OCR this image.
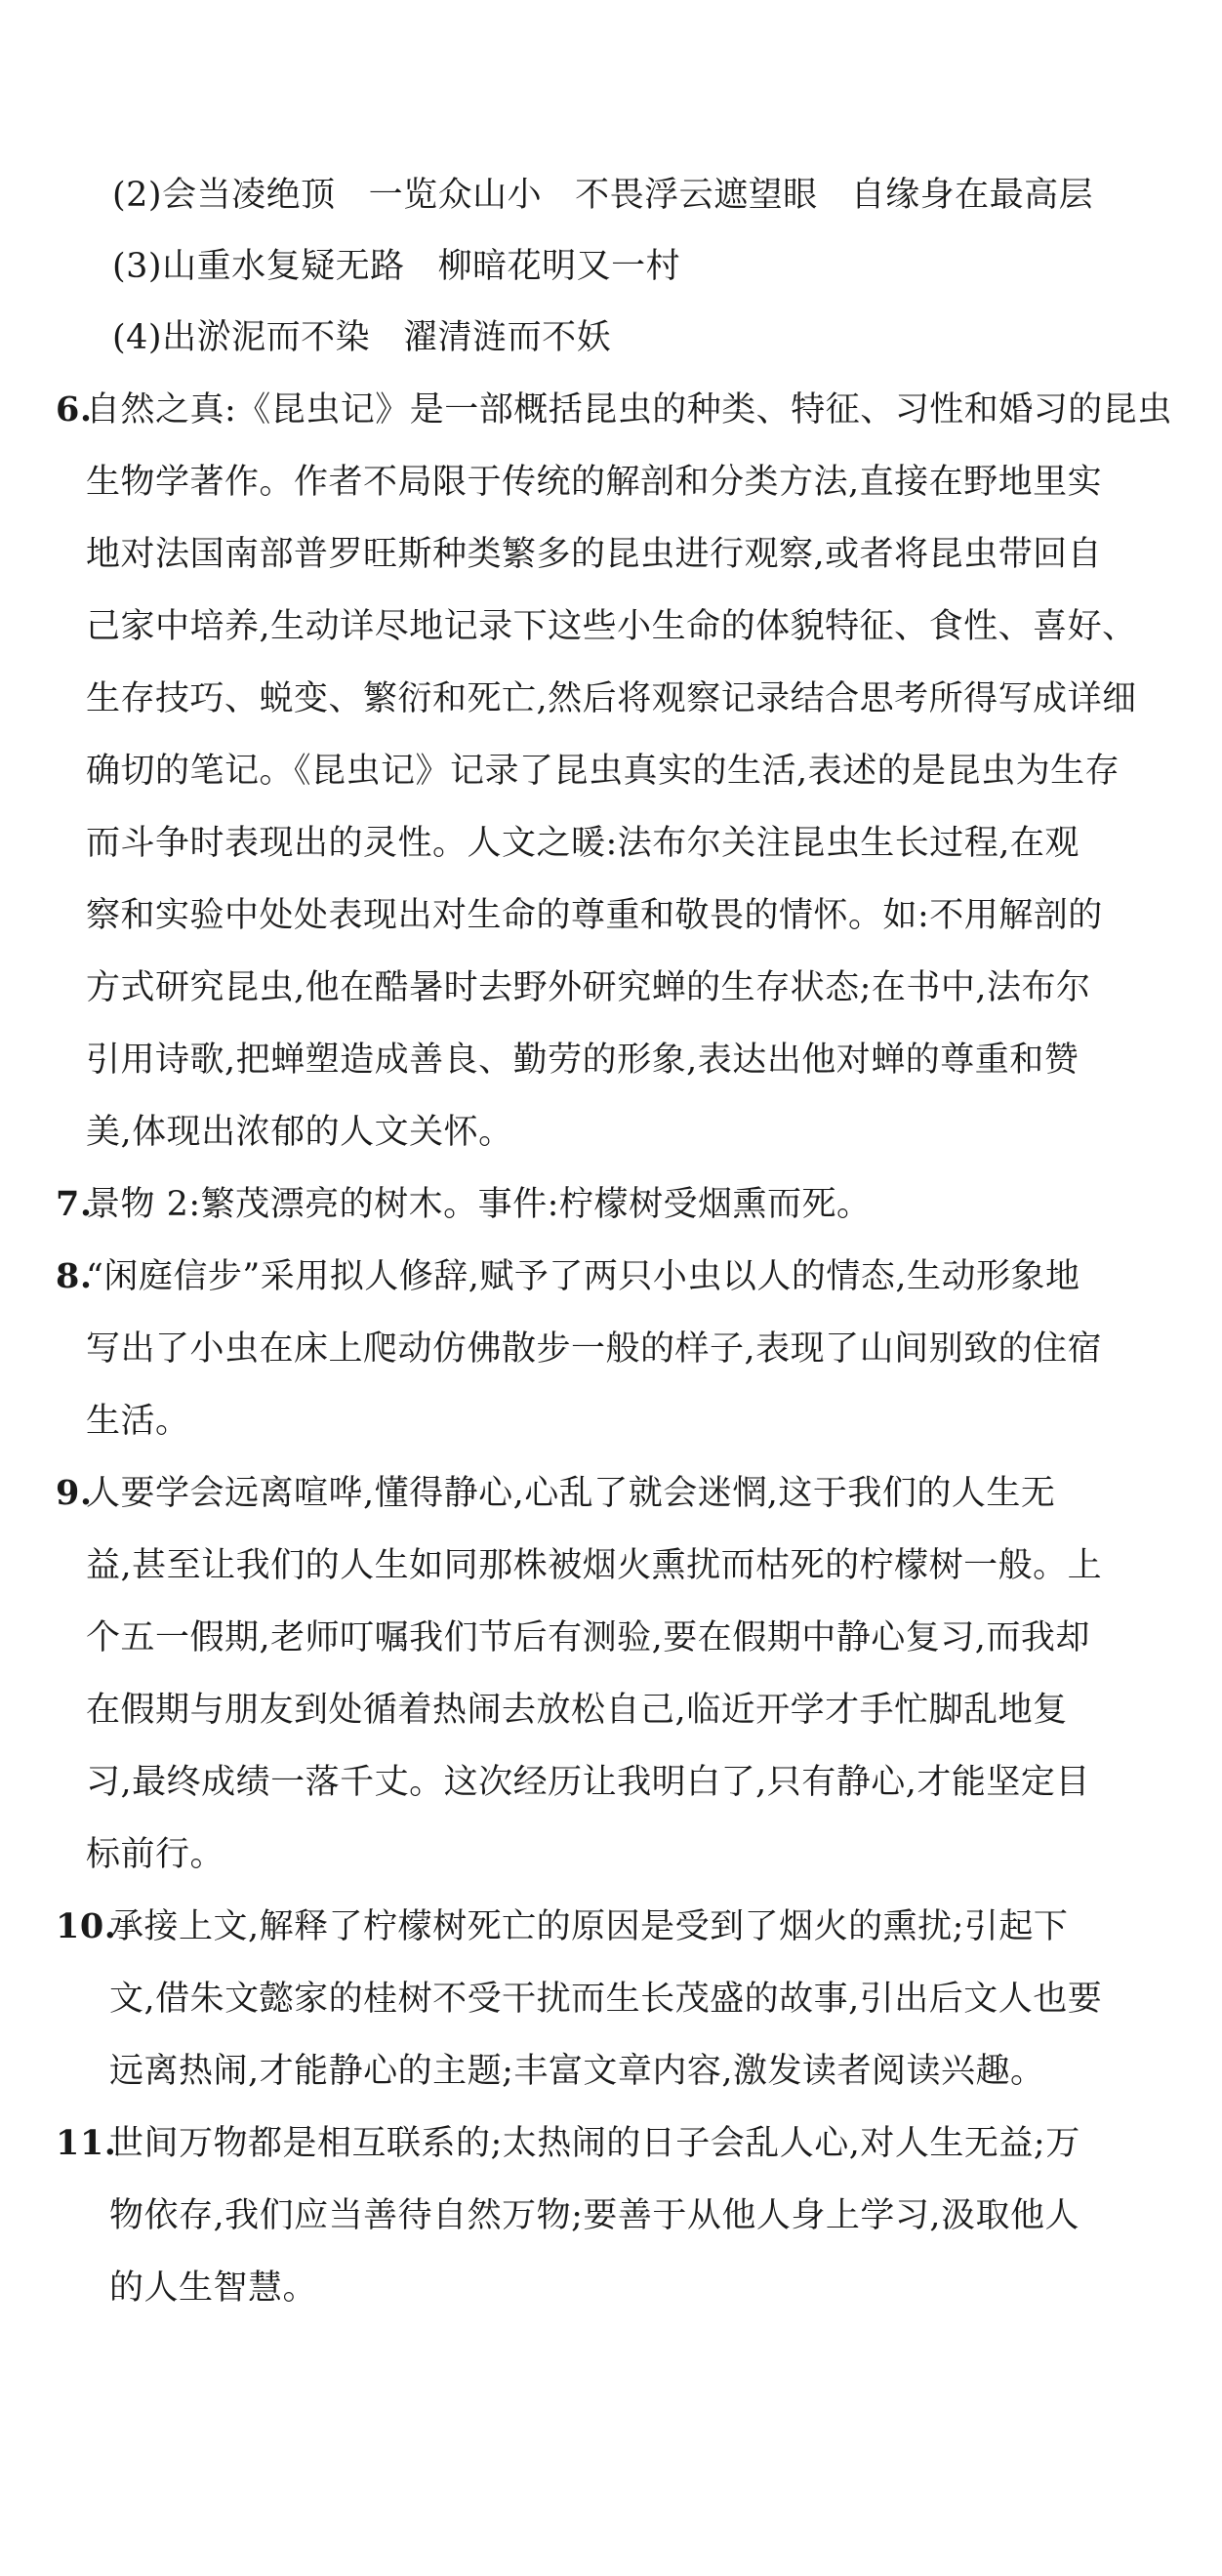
(2)会当凌绝顶 一览众山小 不畏浮云遮望眼 自缘身在最高层
(3)山重水复疑无路 柳暗花明又一村
(4)出淤泥而不染 濯清涟而不妖
6.
自然之真:《昆虫记》是一部概括昆虫的种类、特征、习性和婚习的昆虫
生物学著作。作者不局限于传统的解剖和分类方法,直接在野地里实
地对法国南部普罗旺斯种类繁多的昆虫进行观察,或者将昆虫带回自
己家中培养,生动详尽地记录下这些小生命的体貌特征、食性、喜好、
生存技巧、蜕变、繁衍和死亡,然后将观察记录结合思考所得写成详细
确切的笔记。《昆虫记》记录了昆虫真实的生活,表述的是昆虫为生存
而斗争时表现出的灵性。人文之暖:法布尔关注昆虫生长过程,在观
察和实验中处处表现出对生命的尊重和敬畏的情怀。如:不用解剖的
方式研究昆虫,他在酷暑时去野外研究蝉的生存状态;在书中,法布尔
引用诗歌,把蝉塑造成善良、勤劳的形象,表达出他对蝉的尊重和赞
美,体现出浓郁的人文关怀。
7.
景物 2:繁茂漂亮的树木。事件:柠檬树受烟熏而死。
8.
“闲庭信步”采用拟人修辞,赋予了两只小虫以人的情态,生动形象地
写出了小虫在床上爬动仿佛散步一般的样子,表现了山间别致的住宿
生活。
9.
人要学会远离喧哗,懂得静心,心乱了就会迷惘,这于我们的人生无
益,甚至让我们的人生如同那株被烟火熏扰而枯死的柠檬树一般。上
个五一假期,老师叮嘱我们节后有测验,要在假期中静心复习,而我却
在假期与朋友到处循着热闹去放松自己,临近开学才手忙脚乱地复
习,最终成绩一落千丈。这次经历让我明白了,只有静心,才能坚定目
标前行。
10.
承接上文,解释了柠檬树死亡的原因是受到了烟火的熏扰;引起下
文,借朱文懿家的桂树不受干扰而生长茂盛的故事,引出后文人也要
远离热闹,才能静心的主题;丰富文章内容,激发读者阅读兴趣。
11.
世间万物都是相互联系的;太热闹的日子会乱人心,对人生无益;万
物依存,我们应当善待自然万物;要善于从他人身上学习,汲取他人
的人生智慧。
